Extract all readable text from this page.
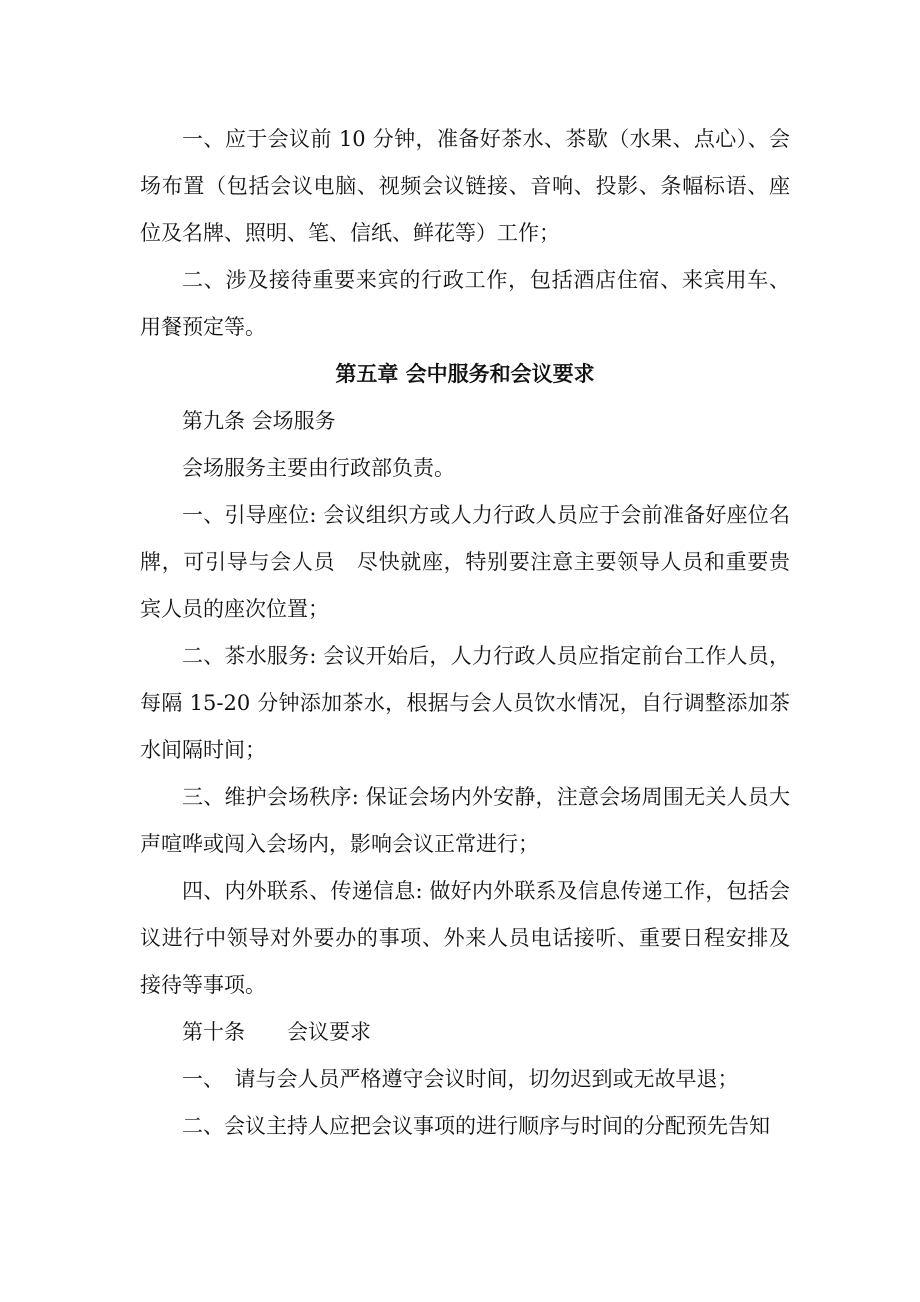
一、应于会议前 10 分钟，准备好茶水、茶歇（水果、点心）、会场布置（包括会议电脑、视频会议链接、音响、投影、条幅标语、座位及名牌、照明、笔、信纸、鲜花等）工作；

二、涉及接待重要来宾的行政工作，包括酒店住宿、来宾用车、用餐预定等。

第五章 会中服务和会议要求

第九条 会场服务

会场服务主要由行政部负责。

一、引导座位: 会议组织方或人力行政人员应于会前准备好座位名牌，可引导与会人员　尽快就座，特别要注意主要领导人员和重要贵宾人员的座次位置；

二、茶水服务: 会议开始后，人力行政人员应指定前台工作人员，每隔 15-20 分钟添加茶水，根据与会人员饮水情况，自行调整添加茶水间隔时间；

三、维护会场秩序: 保证会场内外安静，注意会场周围无关人员大声喧哗或闯入会场内，影响会议正常进行；

四、内外联系、传递信息: 做好内外联系及信息传递工作，包括会议进行中领导对外要办的事项、外来人员电话接听、重要日程安排及接待等事项。

第十条　　会议要求

一、　请与会人员严格遵守会议时间，切勿迟到或无故早退；

二、会议主持人应把会议事项的进行顺序与时间的分配预先告知
